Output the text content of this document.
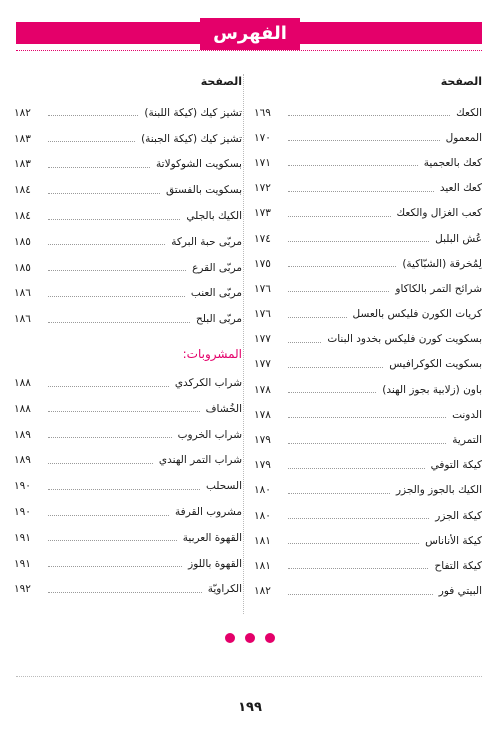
الفهرس
الصفحة
الكعك
١٦٩
المعمول
١٧٠
كعك بالعجمية
١٧١
كعك العيد
١٧٢
كعب الغزال والكعك
١٧٣
عُش البلبل
١٧٤
لِمُخرقة (الشبّاكية)
١٧٥
شرائح التمر بالكاكاو
١٧٦
كريات الكورن فليكس بالعسل
١٧٦
بسكويت كورن فليكس بخدود البنات
١٧٧
بسكويت الكوكرافيس
١٧٧
باون (زلابية بجوز الهند)
١٧٨
الدونت
١٧٨
التمرية
١٧٩
كيكة التوفي
١٧٩
الكيك بالجوز والجزر
١٨٠
كيكة الجزر
١٨٠
كيكة الأناناس
١٨١
كيكة التفاح
١٨١
البيتي فور
١٨٢
الصفحة
تشيز كيك (كيكة اللبنة)
١٨٢
تشيز كيك (كيكة الجبنة)
١٨٣
بسكويت الشوكولاتة
١٨٣
بسكويت بالفستق
١٨٤
الكيك بالجلي
١٨٤
مربّى حبة البركة
١٨٥
مربّى القرع
١٨٥
مربّى العنب
١٨٦
مربّى البلح
١٨٦
المشروبات:
شراب الكركدي
١٨٨
الخُشاف
١٨٨
شراب الخروب
١٨٩
شراب التمر الهندي
١٨٩
السحلب
١٩٠
مشروب القرفة
١٩٠
القهوة العربية
١٩١
القهوة باللوز
١٩١
الكراويّة
١٩٢
١٩٩
